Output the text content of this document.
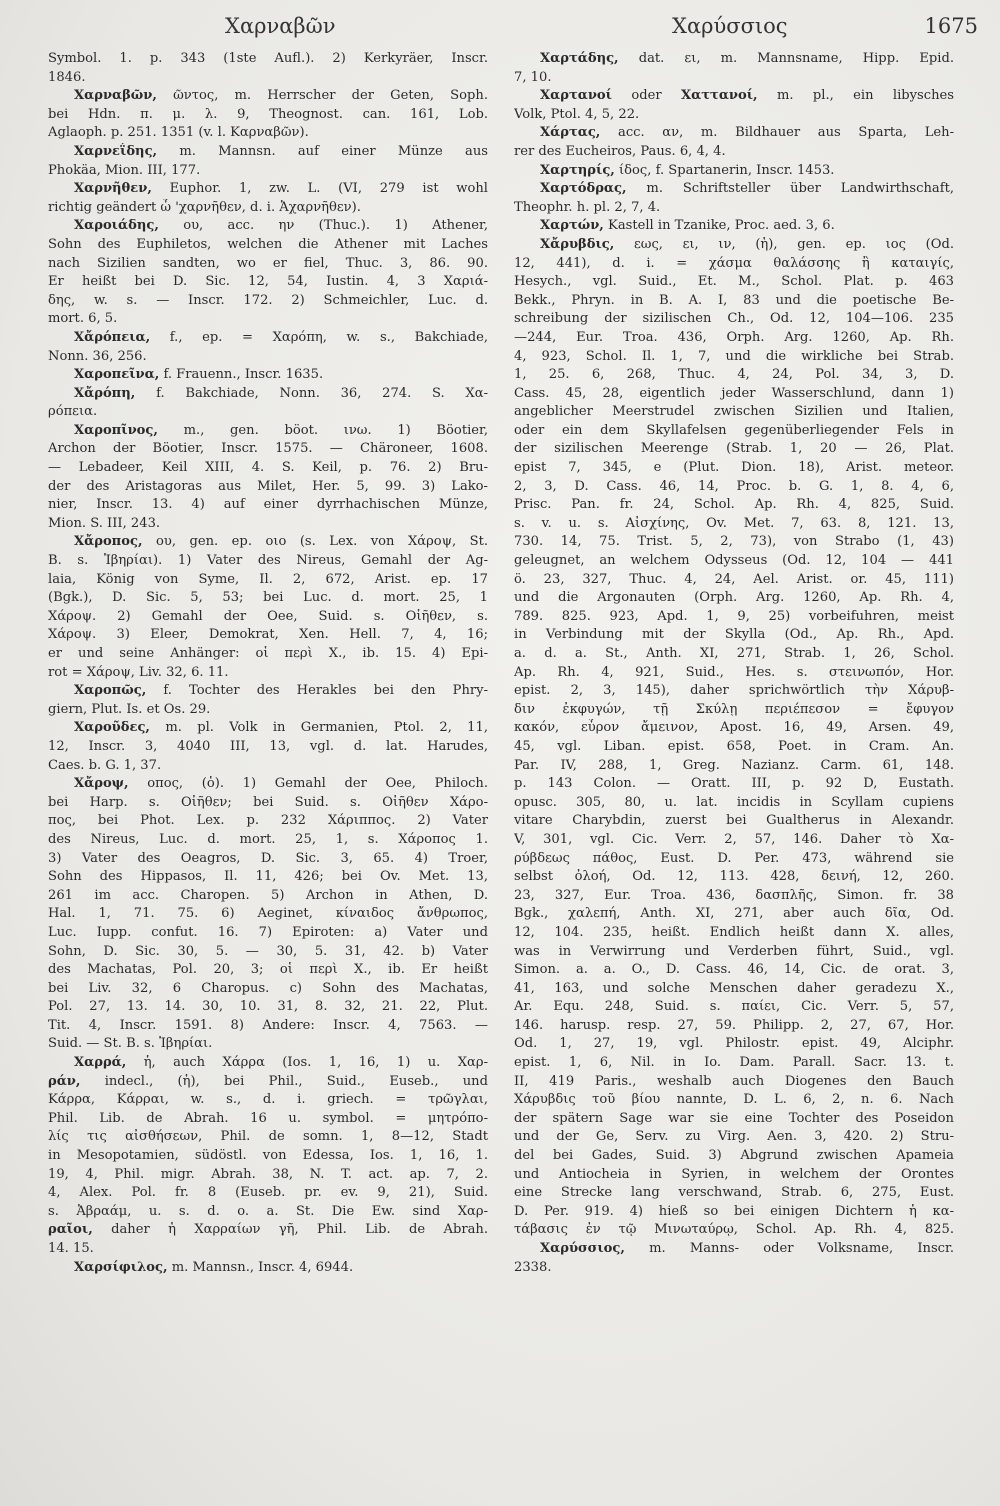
Χαρναβῶν	Χαρύσσιος	1675
Symbol. 1. p. 343 (1ste Aufl.). 2) Kerkyräer, Inscr.
1846.
Χαρναβῶν, ῶντος, m. Herrscher der Geten, Soph.
bei Hdn. π. μ. λ. 9, Theognost. can. 161, Lob.
Aglaoph. p. 251. 1351 (v. l. Καρναβῶν).
Χαρνεΐδης, m. Mannsn. auf einer Münze aus
Phokäa, Mion. III, 177.
Χαρνῆθεν, Euphor. 1, zw. L. (VI, 279 ist wohl
richtig geändert ὦ 'χαρνῆθεν, d. i. Ἀχαρνῆθεν).
Χαροιάδης, ου, acc. ην (Thuc.). 1) Athener,
Sohn des Euphiletos, welchen die Athener mit Laches
nach Sizilien sandten, wo er fiel, Thuc. 3, 86. 90.
Er heißt bei D. Sic. 12, 54, Iustin. 4, 3 Χαριά-
δης, w. s. — Inscr. 172. 2) Schmeichler, Luc. d.
mort. 6, 5.
Χἄρόπεια, f., ep. = Χαρόπη, w. s., Bakchiade,
Nonn. 36, 256.
Χαροπεῖνα, f. Frauenn., Inscr. 1635.
Χἄρόπη, f. Bakchiade, Nonn. 36, 274. S. Χα-
ρόπεια.
Χαροπῖνος, m., gen. böot. ινω. 1) Böotier,
Archon der Böotier, Inscr. 1575. — Chäroneer, 1608.
— Lebadeer, Keil XIII, 4. S. Keil, p. 76. 2) Bru-
der des Aristagoras aus Milet, Her. 5, 99. 3) Lako-
nier, Inscr. 13. 4) auf einer dyrrhachischen Münze,
Mion. S. III, 243.
Χἄροπος, ου, gen. ep. οιο (s. Lex. von Χάροψ, St.
B. s. Ἰβηρίαι). 1) Vater des Nireus, Gemahl der Ag-
laia, König von Syme, Il. 2, 672, Arist. ep. 17
(Bgk.), D. Sic. 5, 53; bei Luc. d. mort. 25, 1
Χάροψ. 2) Gemahl der Oee, Suid. s. Οἰῆθεν, s.
Χάροψ. 3) Eleer, Demokrat, Xen. Hell. 7, 4, 16;
er und seine Anhänger: οἱ περὶ Χ., ib. 15. 4) Epi-
rot = Χάροψ, Liv. 32, 6. 11.
Χαροπῶς, f. Tochter des Herakles bei den Phry-
giern, Plut. Is. et Os. 29.
Χαροῦδες, m. pl. Volk in Germanien, Ptol. 2, 11,
12, Inscr. 3, 4040 III, 13, vgl. d. lat. Harudes,
Caes. b. G. 1, 37.
Χἄροψ, οπος, (ὁ). 1) Gemahl der Oee, Philoch.
bei Harp. s. Οἰῆθεν; bei Suid. s. Οἰῆθεν Χάρο-
πος, bei Phot. Lex. p. 232 Χάριππος. 2) Vater
des Nireus, Luc. d. mort. 25, 1, s. Χάροπος 1.
3) Vater des Oeagros, D. Sic. 3, 65. 4) Troer,
Sohn des Hippasos, Il. 11, 426; bei Ov. Met. 13,
261 im acc. Charopen. 5) Archon in Athen, D.
Hal. 1, 71. 75. 6) Aeginet, κίναιδος ἄνθρωπος,
Luc. Iupp. confut. 16. 7) Epiroten: a) Vater und
Sohn, D. Sic. 30, 5. — 30, 5. 31, 42. b) Vater
des Machatas, Pol. 20, 3; οἱ περὶ Χ., ib. Er heißt
bei Liv. 32, 6 Charopus. c) Sohn des Machatas,
Pol. 27, 13. 14. 30, 10. 31, 8. 32, 21. 22, Plut.
Tit. 4, Inscr. 1591. 8) Andere: Inscr. 4, 7563. —
Suid. — St. B. s. Ἰβηρίαι.
Χαρρά, ἡ, auch Χάρρα (Ios. 1, 16, 1) u. Χαρ-
ράν, indecl., (ἡ), bei Phil., Suid., Euseb., und
Κάρρα, Κάρραι, w. s., d. i. griech. = τρῶγλαι,
Phil. Lib. de Abrah. 16 u. symbol. = μητρόπο-
λίς τις αἰσθήσεων, Phil. de somn. 1, 8—12, Stadt
in Mesopotamien, südöstl. von Edessa, Ios. 1, 16, 1.
19, 4, Phil. migr. Abrah. 38, N. T. act. ap. 7, 2.
4, Alex. Pol. fr. 8 (Euseb. pr. ev. 9, 21), Suid.
s. Ἀβραάμ, u. s. d. o. a. St. Die Ew. sind Χαρ-
ραῖοι, daher ἡ Χαρραίων γῆ, Phil. Lib. de Abrah.
14. 15.
Χαρσίφιλος, m. Mannsn., Inscr. 4, 6944.
Χαρτάδης, dat. ει, m. Mannsname, Hipp. Epid.
7, 10.
Χαρτανοί oder Χαττανοί, m. pl., ein libysches
Volk, Ptol. 4, 5, 22.
Χάρτας, acc. αν, m. Bildhauer aus Sparta, Leh-
rer des Eucheiros, Paus. 6, 4, 4.
Χαρτηρίς, ίδος, f. Spartanerin, Inscr. 1453.
Χαρτόδρας, m. Schriftsteller über Landwirthschaft,
Theophr. h. pl. 2, 7, 4.
Χαρτών, Kastell in Tzanike, Proc. aed. 3, 6.
Χἄρυβδις, εως, ει, ιν, (ἡ), gen. ep. ιος (Od.
12, 441), d. i. = χάσμα θαλάσσης ἢ καταιγίς,
Hesych., vgl. Suid., Et. M., Schol. Plat. p. 463
Bekk., Phryn. in B. A. I, 83 und die poetische Be-
schreibung der sizilischen Ch., Od. 12, 104—106. 235
—244, Eur. Troa. 436, Orph. Arg. 1260, Ap. Rh.
4, 923, Schol. Il. 1, 7, und die wirkliche bei Strab.
1, 25. 6, 268, Thuc. 4, 24, Pol. 34, 3, D.
Cass. 45, 28, eigentlich jeder Wasserschlund, dann 1)
angeblicher Meerstrudel zwischen Sizilien und Italien,
oder ein dem Skyllafelsen gegenüberliegender Fels in
der sizilischen Meerenge (Strab. 1, 20 — 26, Plat.
epist 7, 345, e (Plut. Dion. 18), Arist. meteor.
2, 3, D. Cass. 46, 14, Proc. b. G. 1, 8. 4, 6,
Prisc. Pan. fr. 24, Schol. Ap. Rh. 4, 825, Suid.
s. v. u. s. Αἰσχίνης, Ov. Met. 7, 63. 8, 121. 13,
730. 14, 75. Trist. 5, 2, 73), von Strabo (1, 43)
geleugnet, an welchem Odysseus (Od. 12, 104 — 441
ö. 23, 327, Thuc. 4, 24, Ael. Arist. or. 45, 111)
und die Argonauten (Orph. Arg. 1260, Ap. Rh. 4,
789. 825. 923, Apd. 1, 9, 25) vorbeifuhren, meist
in Verbindung mit der Skylla (Od., Ap. Rh., Apd.
a. d. a. St., Anth. XI, 271, Strab. 1, 26, Schol.
Ap. Rh. 4, 921, Suid., Hes. s. στεινωπόν, Hor.
epist. 2, 3, 145), daher sprichwörtlich τὴν Χάρυβ-
διν ἐκφυγών, τῇ Σκύλῃ περιέπεσον = ἔφυγον
κακόν, εὗρον ἄμεινον, Apost. 16, 49, Arsen. 49,
45, vgl. Liban. epist. 658, Poet. in Cram. An.
Par. IV, 288, 1, Greg. Nazianz. Carm. 61, 148.
p. 143 Colon. — Oratt. III, p. 92 D, Eustath.
opusc. 305, 80, u. lat. incidis in Scyllam cupiens
vitare Charybdin, zuerst bei Gualtherus in Alexandr.
V, 301, vgl. Cic. Verr. 2, 57, 146. Daher τὸ Χα-
ρύβδεως πάθος, Eust. D. Per. 473, während sie
selbst ὀλοή, Od. 12, 113. 428, δεινή, 12, 260.
23, 327, Eur. Troa. 436, δασπλῆς, Simon. fr. 38
Bgk., χαλεπή, Anth. XI, 271, aber auch δῖα, Od.
12, 104. 235, heißt. Endlich heißt dann Χ. alles,
was in Verwirrung und Verderben führt, Suid., vgl.
Simon. a. a. O., D. Cass. 46, 14, Cic. de orat. 3,
41, 163, und solche Menschen daher geradezu Χ.,
Ar. Equ. 248, Suid. s. παίει, Cic. Verr. 5, 57,
146. harusp. resp. 27, 59. Philipp. 2, 27, 67, Hor.
Od. 1, 27, 19, vgl. Philostr. epist. 49, Alciphr.
epist. 1, 6, Nil. in Io. Dam. Parall. Sacr. 13. t.
II, 419 Paris., weshalb auch Diogenes den Bauch
Χάρυβδις τοῦ βίου nannte, D. L. 6, 2, n. 6. Nach
der spätern Sage war sie eine Tochter des Poseidon
und der Ge, Serv. zu Virg. Aen. 3, 420. 2) Stru-
del bei Gades, Suid. 3) Abgrund zwischen Apameia
und Antiocheia in Syrien, in welchem der Orontes
eine Strecke lang verschwand, Strab. 6, 275, Eust.
D. Per. 919. 4) hieß so bei einigen Dichtern ἡ κα-
τάβασις ἐν τῷ Μινωταύρῳ, Schol. Ap. Rh. 4, 825.
Χαρύσσιος, m. Manns- oder Volksname, Inscr.
2338.
